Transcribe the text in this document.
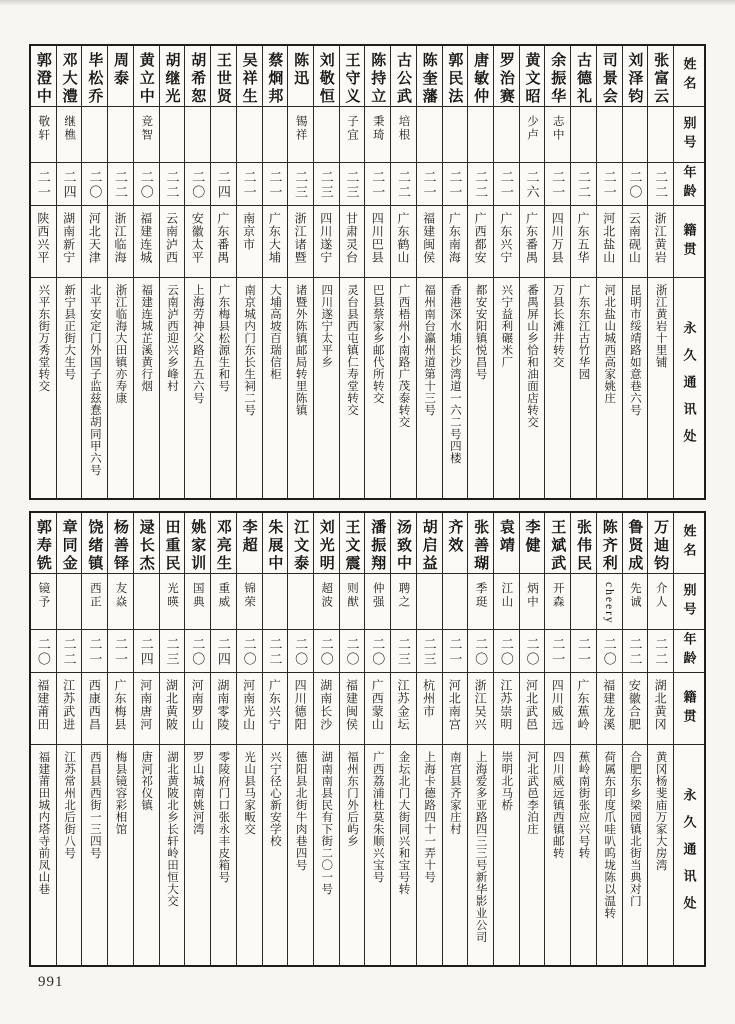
姓名
别号
年龄
籍贯
永久通讯处
张富云
二二
浙江黄岩
浙江黄岩十里铺
刘泽钧
二〇
云南砚山
昆明市绥靖路如意巷六号
司景会
二一
河北盐山
河北盐山城西高家姚庄
古德礼
二二
广东五华
广东东江古竹华园
余振华
志中
二一
四川万县
万县长滩井转交
黄文昭
少卢
二六
广东番禺
番禺屏山乡恰和油面店转交
罗治赛
二一
广东兴宁
兴宁益利碾米厂
唐敏仲
二二
广西都安
都安安阳镇悦昌号
郭民法
二一
广东南海
香港深水埔长沙湾道一六二号四楼
陈奎藩
二一
福建闽侯
福州南台瀛州道第十三号
古公武
培根
二二
广东鹤山
广西梧州小南路广茂泰转交
陈持立
秉琦
二一
四川巴县
巴县蔡家乡邮代所转交
王守义
子宜
二三
甘肃灵台
灵台县西屯镇仁寿堂转交
刘敬恒
二三
四川遂宁
四川遂宁太平乡
陈迅
锡祥
二三
浙江诸暨
诸暨外陈镇邮局转里陈镇
蔡烱邦
二一
广东大埔
大埔高坡百瑞信柜
吴祥生
二一
南京市
南京城内门东长生祠二号
王世贤
二四
广东番禺
广东梅县松源生和号
胡希恕
二〇
安徽太平
上海劳神父路五五六号
胡继光
二二
云南泸西
云南泸西迎兴乡峰村
黄立中
竞智
二〇
福建连城
福建连城芷溪黄行烟
周泰
二二
浙江临海
浙江临海大田镇亦寿康
毕松乔
二〇
河北天津
北平安定门外国子监兹惷胡同甲六号
邓大澧
继樵
二四
湖南新宁
新宁县正街大生号
郭澄中
敬轩
二一
陕西兴平
兴平东街万秀堂转交
姓名
别号
年龄
籍贯
永久通讯处
万迪钧
介人
二二
湖北黄冈
黄冈杨斐庙万家大房湾
鲁贤成
先诚
二二
安徽合肥
合肥东乡梁园镇北街当典对门
陈齐利
cheery
二〇
福建龙溪
荷属东印度爪哇叭呜垅陈以温转
张伟民
二一
广东蕉岭
蕉岭南街张应兴号转
王斌武
开森
二一
四川威远
四川威远镇西镇邮转
李健
炳中
二〇
河北武邑
河北武邑李泊庄
袁靖
江山
二〇
江苏崇明
崇明北马桥
张善瑚
季珽
二〇
浙江吴兴
上海爱多亚路四三三号新华影业公司
齐效
二一
河北南宫
南宫县齐家庄村
胡启益
二三
杭州市
上海卡德路四十一弄十号
汤致中
聘之
二三
江苏金坛
金坛北门大街同兴和宝号转
潘振翔
仲强
二〇
广西蒙山
广西荔浦杜莫朱顺兴宝号
王文震
则猷
二〇
福建闽侯
福州东门外后屿乡
刘光明
超波
二〇
湖南长沙
湖南南县民有下街二〇一号
江文泰
二〇
四川德阳
德阳县北街牛肉巷四号
朱展中
二二
广东兴宁
兴宁径心新安学校
李超
锦荣
二〇
河南光山
光山县马家畈交
邓亮生
重威
二四
湖南零陵
零陵府门口张永丰皮箱号
姚家训
国典
二〇
河南罗山
罗山城南姚河湾
田重民
光暎
二三
湖北黄陂
湖北黄陂北乡长轩岭田恒大交
逯长杰
二四
河南唐河
唐河祁仪镇
杨善铎
友焱
二一
广东梅县
梅县镜容彩相馆
饶绪镇
西正
二一
西康西昌
西昌县西街一三四号
章同金
二二
江苏武进
江苏常州北后街八号
郭寿铣
镜予
二〇
福建莆田
福建莆田城内塔寺前凤山巷
991
